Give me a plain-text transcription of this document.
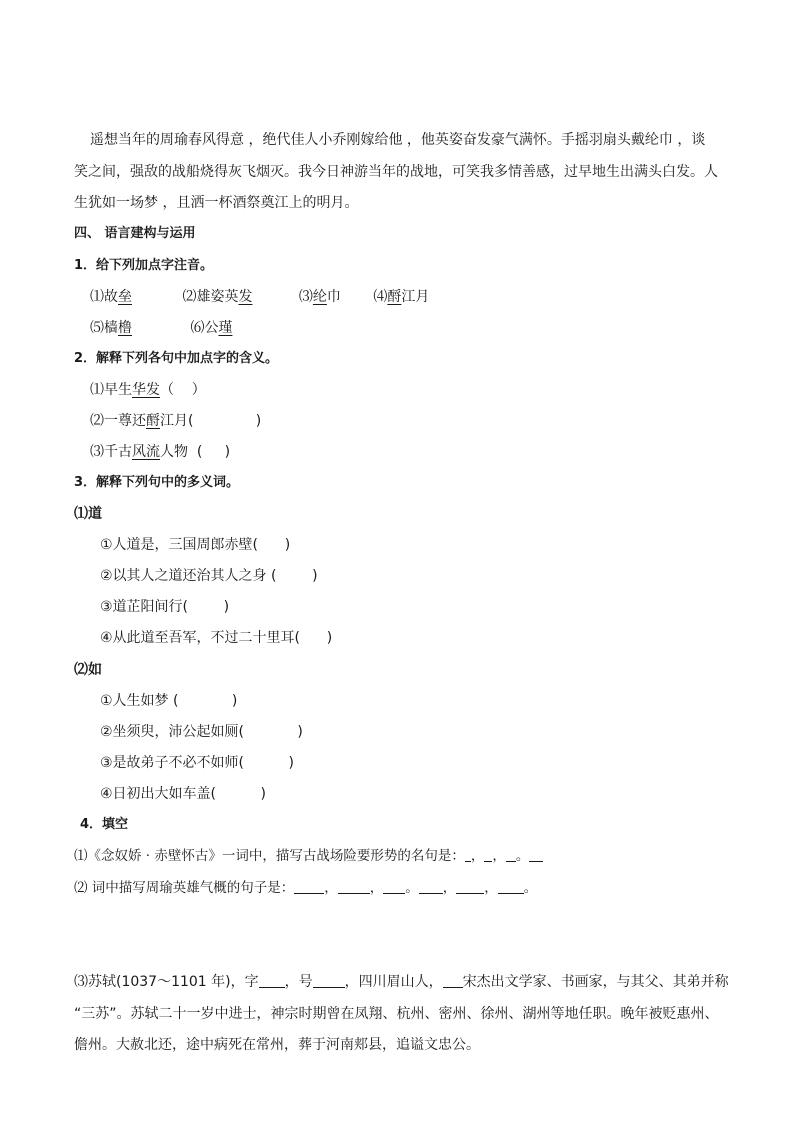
遥想当年的周瑜春风得意 ，绝代佳人小乔刚嫁给他 ，他英姿奋发豪气满怀。手摇羽扇头戴纶巾 ，谈
笑之间，强敌的战船烧得灰飞烟灭。我今日神游当年的战地，可笑我多情善感，过早地生出满头白发。人
生犹如一场梦 ，且洒一杯酒祭奠江上的明月。
四、 语言建构与运用
1．给下列加点字注音。
⑴故垒	⑵雄姿英发	⑶纶巾 ⑷酹江月
⑸樯橹	⑹公瑾
2．解释下列各句中加点字的含义。
⑴早生华发（    ）
⑵一尊还酹江月(              )
⑶千古风流人物  (     )
3．解释下列句中的多义词。
⑴道
①人道是，三国周郎赤壁(      )
②以其人之道还治其人之身 (        )
③道芷阳间行(        )
④从此道至吾军，不过二十里耳(      )
⑵如
①人生如梦 (            )
②坐须臾，沛公起如厕(            )
③是故弟子不必不如师(          )
④日初出大如车盖(          )
4．填空
⑴《念奴娇 · 赤壁怀古》一词中，描写古战场险要形势的名句是： ， ， 。
⑵ 词中描写周瑜英雄气概的句子是： ， ， 。 ， ， 。
⑶苏轼(1037～1101 年)，字 ，号 ，四川眉山人， 宋杰出文学家、书画家，与其父、其弟并称
“三苏”。苏轼二十一岁中进士，神宗时期曾在凤翔、杭州、密州、徐州、湖州等地任职。晚年被贬惠州、
儋州。大赦北还，途中病死在常州，葬于河南郏县，追谥文忠公。
